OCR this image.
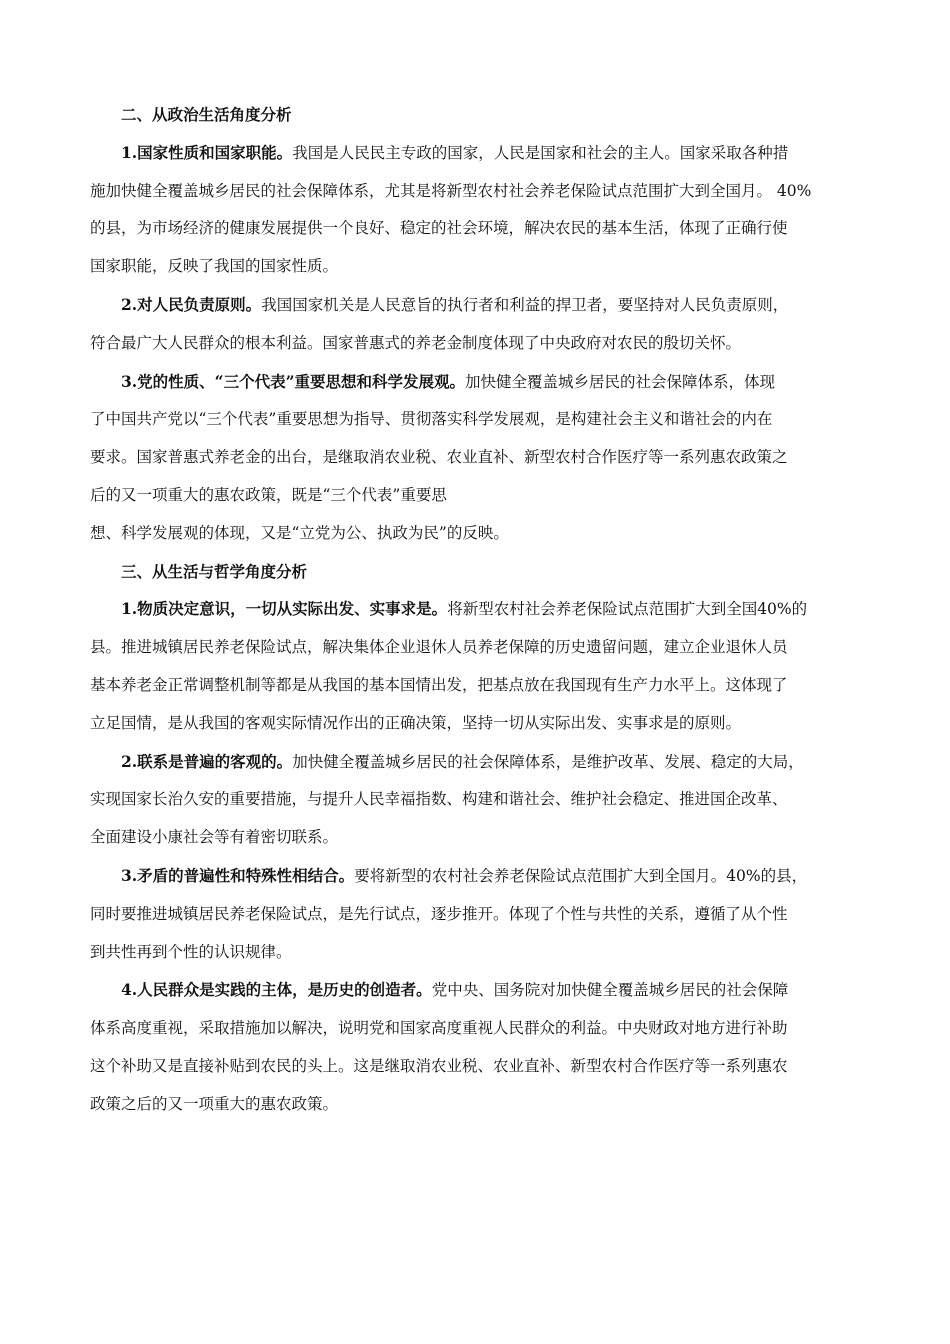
二、从政治生活角度分析

1.国家性质和国家职能。我国是人民民主专政的国家，人民是国家和社会的主人。国家采取各种措

施加快健全覆盖城乡居民的社会保障体系，尤其是将新型农村社会养老保险试点范围扩大到全国月。 40%

的县，为市场经济的健康发展提供一个良好、稳定的社会环境，解决农民的基本生活，体现了正确行使

国家职能，反映了我国的国家性质。

2.对人民负责原则。我国国家机关是人民意旨的执行者和利益的捍卫者，要坚持对人民负责原则，

符合最广大人民群众的根本利益。国家普惠式的养老金制度体现了中央政府对农民的殷切关怀。

3.党的性质、“三个代表”重要思想和科学发展观。加快健全覆盖城乡居民的社会保障体系，体现

了中国共产党以“三个代表”重要思想为指导、贯彻落实科学发展观，是构建社会主义和谐社会的内在

要求。国家普惠式养老金的出台，是继取消农业税、农业直补、新型农村合作医疗等一系列惠农政策之

后的又一项重大的惠农政策，既是“三个代表”重要思

想、科学发展观的体现，又是“立党为公、执政为民”的反映。

三、从生活与哲学角度分析

1.物质决定意识，一切从实际出发、实事求是。将新型农村社会养老保险试点范围扩大到全国40%的

县。推进城镇居民养老保险试点，解决集体企业退休人员养老保障的历史遗留问题，建立企业退休人员

基本养老金正常调整机制等都是从我国的基本国情出发，把基点放在我国现有生产力水平上。这体现了

立足国情，是从我国的客观实际情况作出的正确决策，坚持一切从实际出发、实事求是的原则。

2.联系是普遍的客观的。加快健全覆盖城乡居民的社会保障体系，是维护改革、发展、稳定的大局，

实现国家长治久安的重要措施，与提升人民幸福指数、构建和谐社会、维护社会稳定、推进国企改革、

全面建设小康社会等有着密切联系。

3.矛盾的普遍性和特殊性相结合。要将新型的农村社会养老保险试点范围扩大到全国月。40%的县，

同时要推进城镇居民养老保险试点，是先行试点，逐步推开。体现了个性与共性的关系，遵循了从个性

到共性再到个性的认识规律。

4.人民群众是实践的主体，是历史的创造者。党中央、国务院对加快健全覆盖城乡居民的社会保障

体系高度重视，采取措施加以解决，说明党和国家高度重视人民群众的利益。中央财政对地方进行补助

这个补助又是直接补贴到农民的头上。这是继取消农业税、农业直补、新型农村合作医疗等一系列惠农

政策之后的又一项重大的惠农政策。
